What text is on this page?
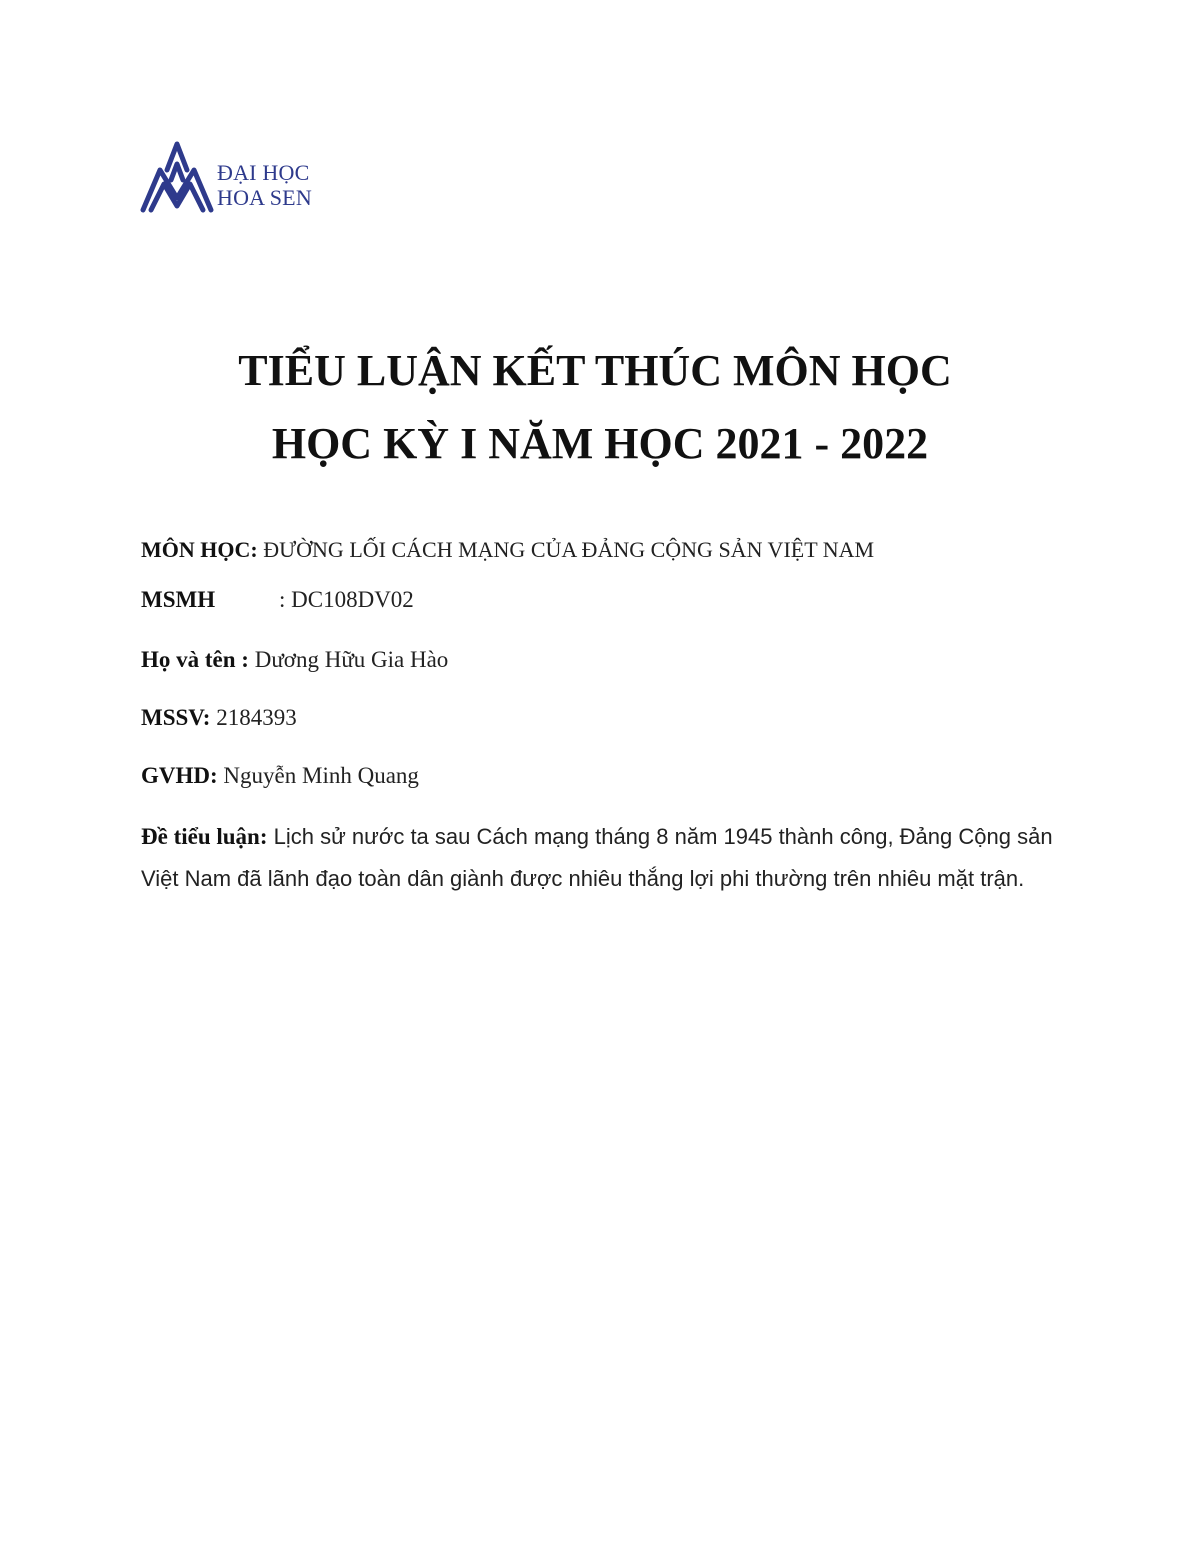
ĐẠI HỌC
HOA SEN
TIỂU LUẬN KẾT THÚC MÔN HỌC
HỌC KỲ I NĂM HỌC 2021 - 2022
MÔN HỌC: ĐƯỜNG LỐI CÁCH MẠNG CỦA ĐẢNG CỘNG SẢN VIỆT NAM
MSMH	: DC108DV02
Họ và tên : Dương Hữu Gia Hào
MSSV: 2184393
GVHD: Nguyễn Minh Quang
Đề tiểu luận: Lịch sử nước ta sau Cách mạng tháng 8 năm 1945 thành công, Đảng Cộng sản Việt Nam đã lãnh đạo toàn dân giành được nhiêu thắng lợi phi thường trên nhiêu mặt trận.
